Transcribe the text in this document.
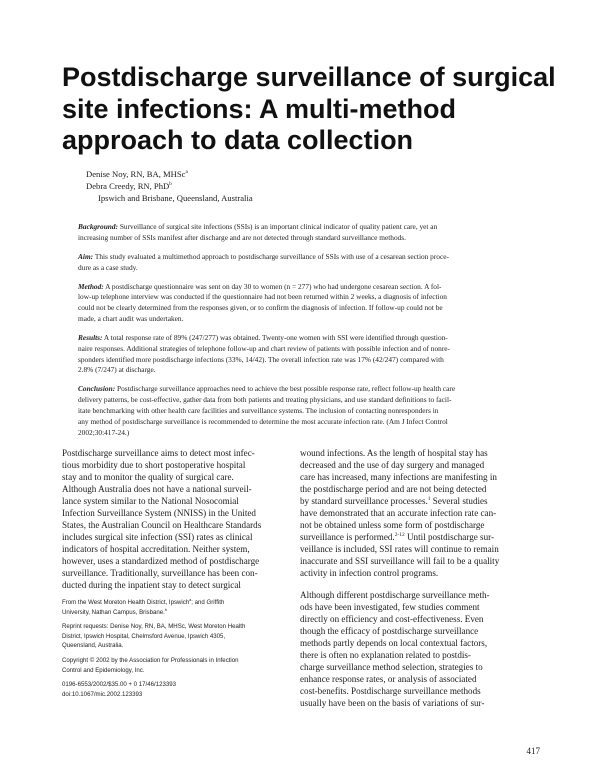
Postdischarge surveillance of surgical
site infections: A multi-method
approach to data collection
Denise Noy, RN, BA, MHSc$^a$
Debra Creedy, RN, PhD$^b$
Ipswich and Brisbane, Queensland, Australia

Background: Surveillance of surgical site infections (SSIs) is an important clinical indicator of quality patient care, yet an
increasing number of SSIs manifest after discharge and are not detected through standard surveillance methods.

Aim: This study evaluated a multimethod approach to postdischarge surveillance of SSIs with use of a cesarean section proce-
dure as a case study.

Method: A postdischarge questionnaire was sent on day 30 to women (n = 277) who had undergone cesarean section. A fol-
low-up telephone interview was conducted if the questionnaire had not been returned within 2 weeks, a diagnosis of infection
could not be clearly determined from the responses given, or to confirm the diagnosis of infection. If follow-up could not be
made, a chart audit was undertaken.

Results: A total response rate of 89% (247/277) was obtained. Twenty-one women with SSI were identified through question-
naire responses. Additional strategies of telephone follow-up and chart review of patients with possible infection and of nonre-
sponders identified more postdischarge infections (33%, 14/42). The overall infection rate was 17% (42/247) compared with
2.8% (7/247) at discharge.

Conclusion: Postdischarge surveillance approaches need to achieve the best possible response rate, reflect follow-up health care
delivery patterns, be cost-effective, gather data from both patients and treating physicians, and use standard definitions to facil-
itate benchmarking with other health care facilities and surveillance systems. The inclusion of contacting nonresponders in
any method of postdischarge surveillance is recommended to determine the most accurate infection rate. (Am J Infect Control
2002;30:417-24.)

Postdischarge surveillance aims to detect most infec-
tious morbidity due to short postoperative hospital
stay and to monitor the quality of surgical care.
Although Australia does not have a national surveil-
lance system similar to the National Nosocomial
Infection Surveillance System (NNISS) in the United
States, the Australian Council on Healthcare Standards
includes surgical site infection (SSI) rates as clinical
indicators of hospital accreditation. Neither system,
however, uses a standardized method of postdischarge
surveillance. Traditionally, surveillance has been con-
ducted during the inpatient stay to detect surgical
wound infections. As the length of hospital stay has
decreased and the use of day surgery and managed
care has increased, many infections are manifesting in
the postdischarge period and are not being detected
by standard surveillance processes.$^1$ Several studies
have demonstrated that an accurate infection rate can-
not be obtained unless some form of postdischarge
surveillance is performed.$^{2-12}$ Until postdischarge sur-
veillance is included, SSI rates will continue to remain
inaccurate and SSI surveillance will fail to be a quality
activity in infection control programs.
Although different postdischarge surveillance meth-
ods have been investigated, few studies comment
directly on efficiency and cost-effectiveness. Even
though the efficacy of postdischarge surveillance
methods partly depends on local contextual factors,
there is often no explanation related to postdis-
charge surveillance method selection, strategies to
enhance response rates, or analysis of associated
cost-benefits. Postdischarge surveillance methods
usually have been on the basis of variations of sur-
From the West Moreton Health District, Ipswich$^a$; and Griffith
University, Nathan Campus, Brisbane.$^b$
Reprint requests: Denise Noy, RN, BA, MHSc, West Moreton Health
District, Ipswich Hospital, Chelmsford Avenue, Ipswich 4305,
Queensland, Australia.
Copyright © 2002 by the Association for Professionals in Infection
Control and Epidemiology, Inc.
0196-6553/2002/$35.00 + 0 17/46/123393
doi:10.1067/mic.2002.123393
417
